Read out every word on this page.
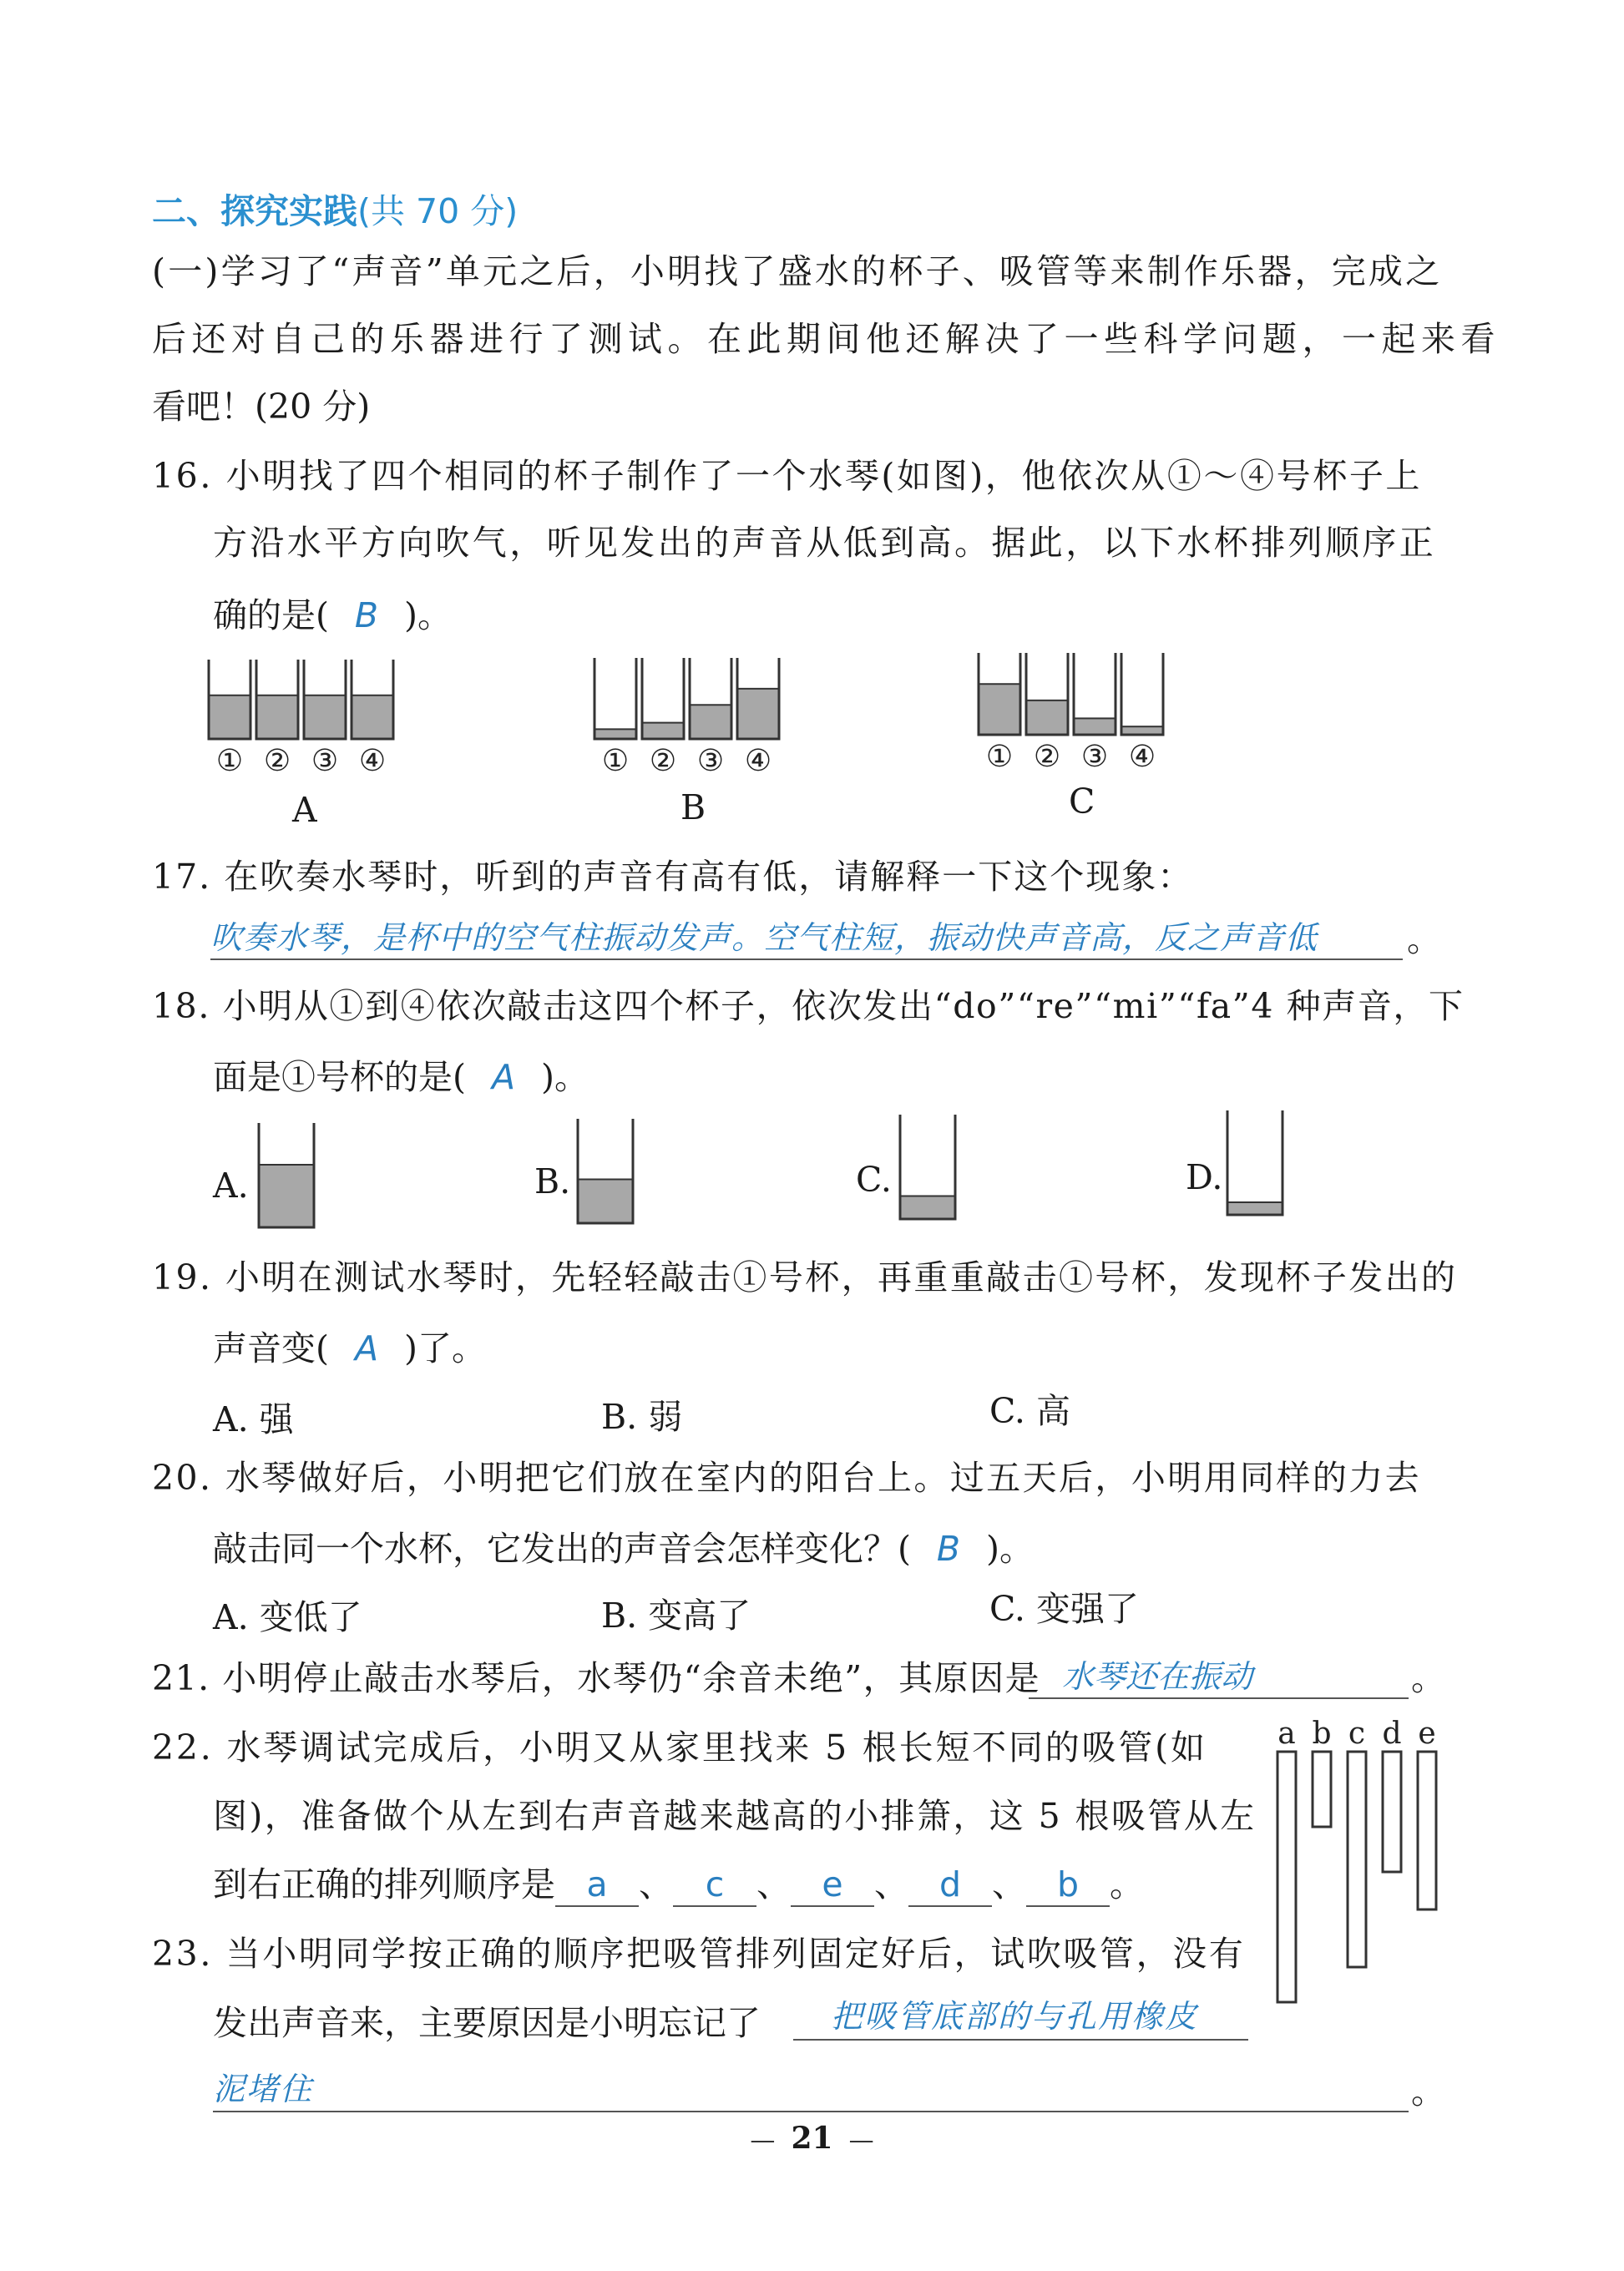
二、探究实践(共 70 分)
(一)学习了“声音”单元之后，小明找了盛水的杯子、吸管等来制作乐器，完成之
后还对自己的乐器进行了测试。在此期间他还解决了一些科学问题，一起来看
看吧！(20 分)
16. 小明找了四个相同的杯子制作了一个水琴(如图)，他依次从①～④号杯子上
方沿水平方向吹气，听见发出的声音从低到高。据此，以下水杯排列顺序正
确的是( B )。
① ② ③ ④	① ② ③ ④	① ② ③ ④
A	B	C
17. 在吹奏水琴时，听到的声音有高有低，请解释一下这个现象：
吹奏水琴，是杯中的空气柱振动发声。空气柱短，振动快声音高，反之声音低	。
18. 小明从①到④依次敲击这四个杯子，依次发出“do”“re”“mi”“fa”4 种声音，下
面是①号杯的是( A )。
A.	B.	C.	D.
19. 小明在测试水琴时，先轻轻敲击①号杯，再重重敲击①号杯，发现杯子发出的
声音变( A )了。
A. 强	B. 弱	C. 高
20. 水琴做好后，小明把它们放在室内的阳台上。过五天后，小明用同样的力去
敲击同一个水杯，它发出的声音会怎样变化？( B )。
A. 变低了	B. 变高了	C. 变强了
21. 小明停止敲击水琴后，水琴仍“余音未绝”，其原因是 水琴还在振动	。
22. 水琴调试完成后，小明又从家里找来 5 根长短不同的吸管(如
图)，准备做个从左到右声音越来越高的小排箫，这 5 根吸管从左
到右正确的排列顺序是 a 、 c 、 e 、 d 、 b 。
a b c d e
23. 当小明同学按正确的顺序把吸管排列固定好后，试吹吸管，没有
发出声音来，主要原因是小明忘记了	把吸管底部的与孔用橡皮
泥堵住	。
—  21  —
